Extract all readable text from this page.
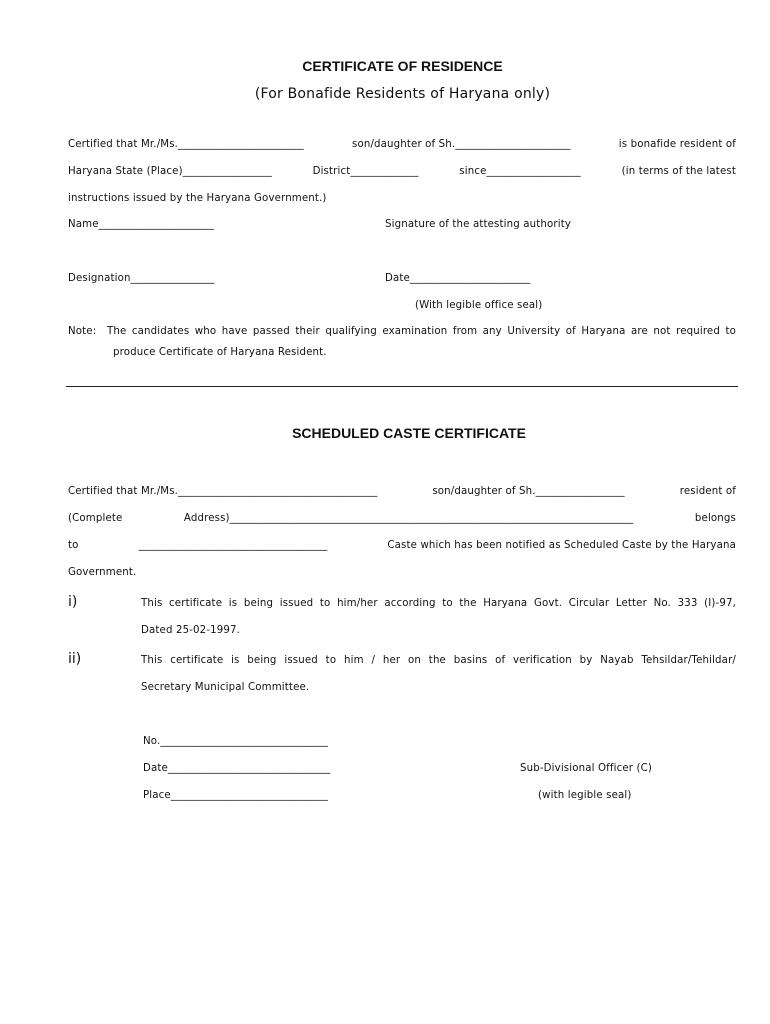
CERTIFICATE OF RESIDENCE
(For Bonafide Residents of Haryana only)
Certified that Mr./Ms.________________________	son/daughter of Sh.______________________	is bonafide resident of
Haryana State (Place)_________________	District_____________	since__________________	(in terms of the latest
instructions issued by the Haryana Government.)
Name______________________	Signature of the attesting authority
Designation________________	Date_______________________
(With legible office seal)
Note: The candidates who have passed their qualifying examination from any University of Haryana are not required to
produce Certificate of Haryana Resident.
SCHEDULED CASTE CERTIFICATE
Certified that Mr./Ms.______________________________________	son/daughter of Sh._________________	resident of
(Complete	Address)_____________________________________________________________________________	belongs
to	____________________________________	Caste which has been notified as Scheduled Caste by the Haryana
Government.
i)	This certificate is being issued to him/her according to the Haryana Govt. Circular Letter No. 333 (I)-97,
Dated 25-02-1997.
ii)	This certificate is being issued to him / her on the basins of verification by Nayab Tehsildar/Tehildar/
Secretary Municipal Committee.
No.________________________________
Date_______________________________
Place______________________________
Sub-Divisional Officer (C)
(with legible seal)
